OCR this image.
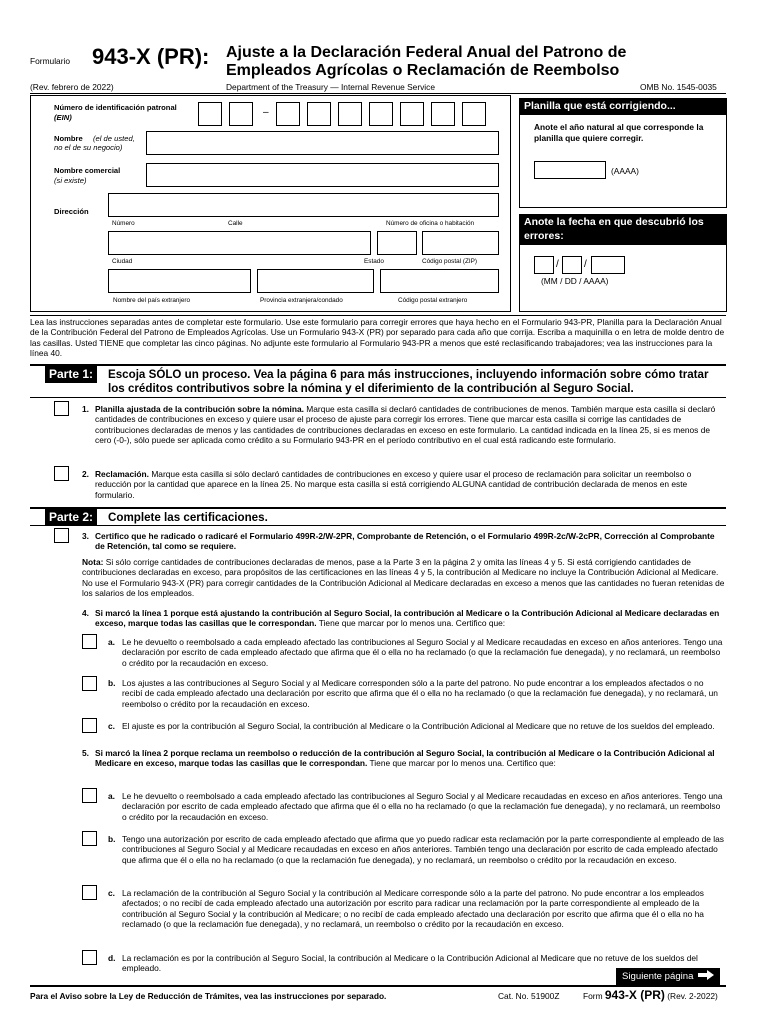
Formulario 943-X (PR): Ajuste a la Declaración Federal Anual del Patrono de
Empleados Agrícolas o Reclamación de Reembolso
(Rev. febrero de 2022)	Department of the Treasury — Internal Revenue Service	OMB No. 1545-0035
Número de identificación patronal
(EIN)	–
Nombre	(el de usted, no el de su negocio)
Nombre comercial
(si existe)
Dirección
Número	Calle	Número de oficina o habitación
Ciudad	Estado	Código postal (ZIP)
Nombre del país extranjero	Provincia extranjera/condado	Código postal extranjero
Planilla que está corrigiendo...
Anote el año natural al que corresponde la planilla que quiere corregir.
(AAAA)
Anote la fecha en que descubrió los errores:
/	/
(MM / DD / AAAA)
Lea las instrucciones separadas antes de completar este formulario. Use este formulario para corregir errores que haya hecho en el Formulario 943-PR, Planilla para la Declaración Anual de la Contribución Federal del Patrono de Empleados Agrícolas. Use un Formulario 943-X (PR) por separado para cada año que corrija. Escriba a maquinilla o en letra de molde dentro de las casillas. Usted TIENE que completar las cinco páginas. No adjunte este formulario al Formulario 943-PR a menos que esté reclasificando trabajadores; vea las instrucciones para la línea 40.
Parte 1:	Escoja SÓLO un proceso. Vea la página 6 para más instrucciones, incluyendo información sobre cómo tratar los créditos contributivos sobre la nómina y el diferimiento de la contribución al Seguro Social.
1. Planilla ajustada de la contribución sobre la nómina. Marque esta casilla si declaró cantidades de contribuciones de menos. También marque esta casilla si declaró cantidades de contribuciones en exceso y quiere usar el proceso de ajuste para corregir los errores. Tiene que marcar esta casilla si corrige las cantidades de contribuciones declaradas de menos y las cantidades de contribuciones declaradas en exceso en este formulario. La cantidad indicada en la línea 25, si es menos de cero (-0-), sólo puede ser aplicada como crédito a su Formulario 943-PR en el período contributivo en el cual está radicando este formulario.
2. Reclamación. Marque esta casilla si sólo declaró cantidades de contribuciones en exceso y quiere usar el proceso de reclamación para solicitar un reembolso o reducción por la cantidad que aparece en la línea 25. No marque esta casilla si está corrigiendo ALGUNA cantidad de contribución declarada de menos en este formulario.
Parte 2:	Complete las certificaciones.
3. Certifico que he radicado o radicaré el Formulario 499R-2/W-2PR, Comprobante de Retención, o el Formulario 499R-2c/W-2cPR, Corrección al Comprobante de Retención, tal como se requiere.
Nota: Si sólo corrige cantidades de contribuciones declaradas de menos, pase a la Parte 3 en la página 2 y omita las líneas 4 y 5. Si está corrigiendo cantidades de contribuciones declaradas en exceso, para propósitos de las certificaciones en las líneas 4 y 5, la contribución al Medicare no incluye la Contribución Adicional al Medicare. No use el Formulario 943-X (PR) para corregir cantidades de la Contribución Adicional al Medicare declaradas en exceso a menos que las cantidades no fueran retenidas de los salarios de los empleados.
4. Si marcó la línea 1 porque está ajustando la contribución al Seguro Social, la contribución al Medicare o la Contribución Adicional al Medicare declaradas en exceso, marque todas las casillas que le correspondan. Tiene que marcar por lo menos una. Certifico que:
a. Le he devuelto o reembolsado a cada empleado afectado las contribuciones al Seguro Social y al Medicare recaudadas en exceso en años anteriores. Tengo una declaración por escrito de cada empleado afectado que afirma que él o ella no ha reclamado (o que la reclamación fue denegada), y no reclamará, un reembolso o crédito por la recaudación en exceso.
b. Los ajustes a las contribuciones al Seguro Social y al Medicare corresponden sólo a la parte del patrono. No pude encontrar a los empleados afectados o no recibí de cada empleado afectado una declaración por escrito que afirma que él o ella no ha reclamado (o que la reclamación fue denegada), y no reclamará, un reembolso o crédito por la recaudación en exceso.
c. El ajuste es por la contribución al Seguro Social, la contribución al Medicare o la Contribución Adicional al Medicare que no retuve de los sueldos del empleado.
5. Si marcó la línea 2 porque reclama un reembolso o reducción de la contribución al Seguro Social, la contribución al Medicare o la Contribución Adicional al Medicare en exceso, marque todas las casillas que le correspondan. Tiene que marcar por lo menos una. Certifico que:
a. Le he devuelto o reembolsado a cada empleado afectado las contribuciones al Seguro Social y al Medicare recaudadas en exceso en años anteriores. Tengo una declaración por escrito de cada empleado afectado que afirma que él o ella no ha reclamado (o que la reclamación fue denegada), y no reclamará, un reembolso o crédito por la recaudación en exceso.
b. Tengo una autorización por escrito de cada empleado afectado que afirma que yo puedo radicar esta reclamación por la parte correspondiente al empleado de las contribuciones al Seguro Social y al Medicare recaudadas en exceso en años anteriores. También tengo una declaración por escrito de cada empleado afectado que afirma que él o ella no ha reclamado (o que la reclamación fue denegada), y no reclamará, un reembolso o crédito por la recaudación en exceso.
c. La reclamación de la contribución al Seguro Social y la contribución al Medicare corresponde sólo a la parte del patrono. No pude encontrar a los empleados afectados; o no recibí de cada empleado afectado una autorización por escrito para radicar una reclamación por la parte correspondiente al empleado de la contribución al Seguro Social y la contribución al Medicare; o no recibí de cada empleado afectado una declaración por escrito que afirma que él o ella no ha reclamado (o que la reclamación fue denegada), y no reclamará, un reembolso o crédito por la recaudación en exceso.
d. La reclamación es por la contribución al Seguro Social, la contribución al Medicare o la Contribución Adicional al Medicare que no retuve de los sueldos del empleado.
Siguiente página
Para el Aviso sobre la Ley de Reducción de Trámites, vea las instrucciones por separado.	Cat. No. 51900Z	Form 943-X (PR) (Rev. 2-2022)
